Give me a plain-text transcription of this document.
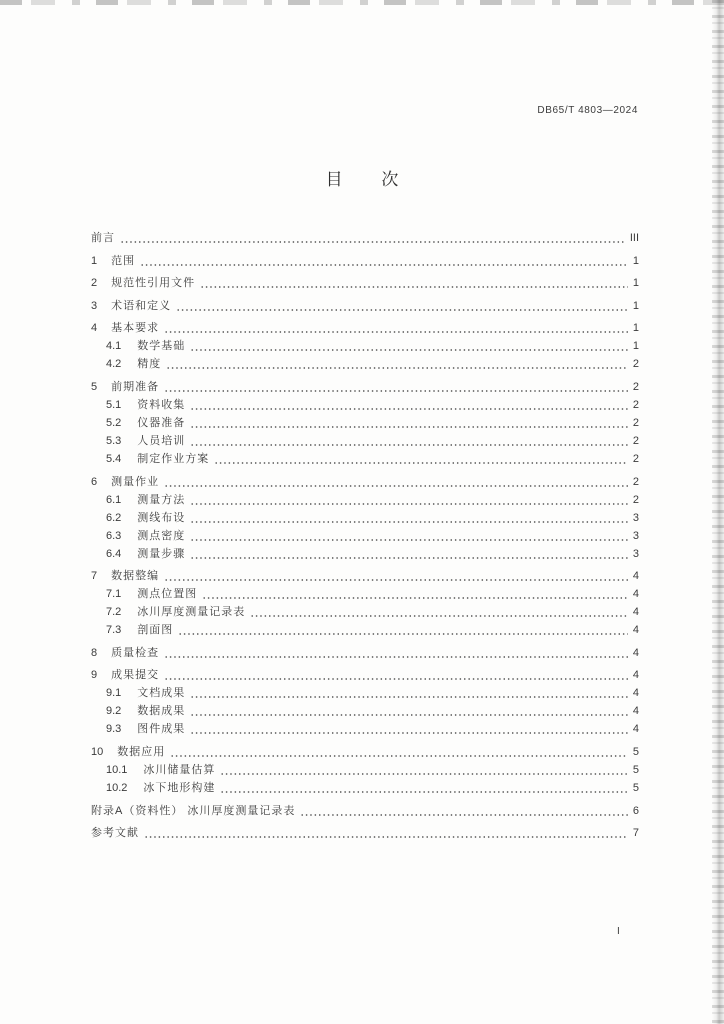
DB65/T 4803—2024
目 次
前言	III
1 范围	1
2 规范性引用文件	1
3 术语和定义	1
4 基本要求	1
4.1 数学基础	1
4.2 精度	2
5 前期准备	2
5.1 资料收集	2
5.2 仪器准备	2
5.3 人员培训	2
5.4 制定作业方案	2
6 测量作业	2
6.1 测量方法	2
6.2 测线布设	3
6.3 测点密度	3
6.4 测量步骤	3
7 数据整编	4
7.1 测点位置图	4
7.2 冰川厚度测量记录表	4
7.3 剖面图	4
8 质量检查	4
9 成果提交	4
9.1 文档成果	4
9.2 数据成果	4
9.3 图件成果	4
10 数据应用	5
10.1 冰川储量估算	5
10.2 冰下地形构建	5
附录A（资料性） 冰川厚度测量记录表	6
参考文献	7
I
